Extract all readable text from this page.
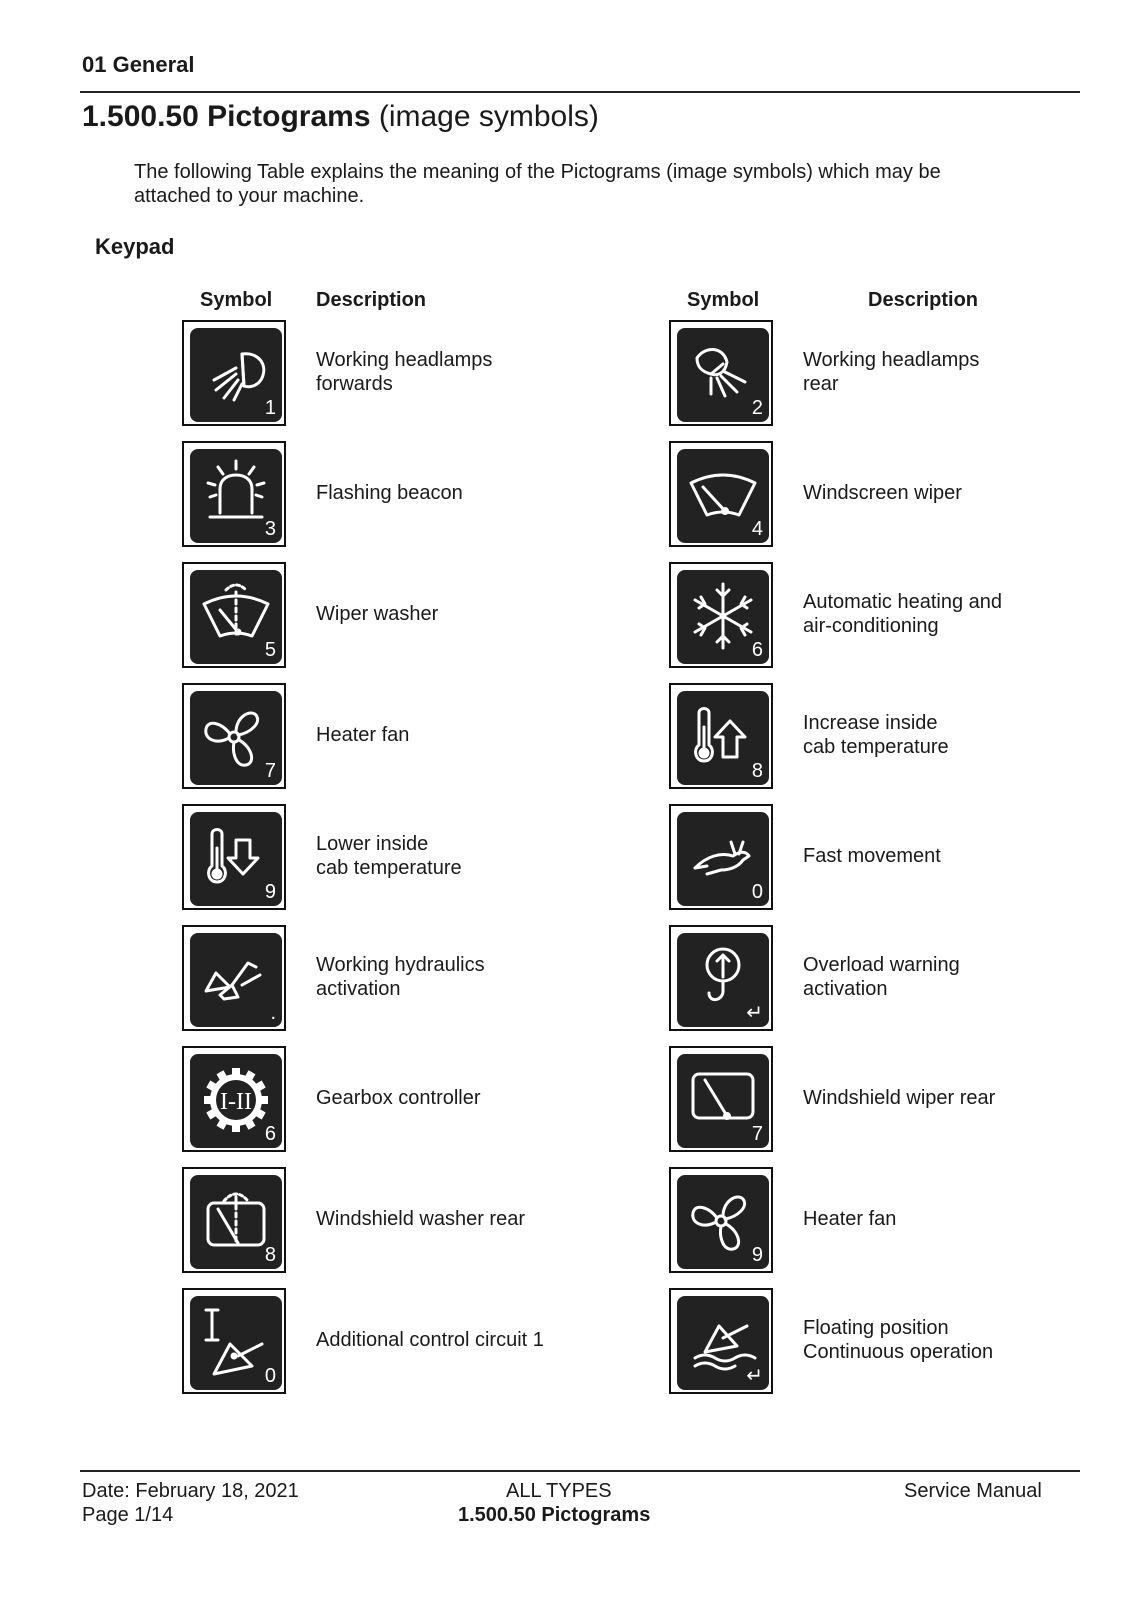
01 General
1.500.50 Pictograms (image symbols)
The following Table explains the meaning of the Pictograms (image symbols) which may be attached to your machine.
Keypad
Symbol Description	Symbol	Description
1
Working headlamps
forwards
3
Flashing beacon
5
Wiper washer
7
Heater fan
9
Lower inside
cab temperature
.
Working hydraulics
activation
I-II
6
Gearbox controller
8
Windshield washer rear
0
Additional control circuit 1
2
Working headlamps
rear
4
Windscreen wiper
6
Automatic heating and
air-conditioning
8
Increase inside
cab temperature
0
Fast movement
↵
Overload warning
activation
7
Windshield wiper rear
9
Heater fan
↵
Floating position
Continuous operation
Date: February 18, 2021
Page 1/14
ALL TYPES
1.500.50 Pictograms
Service Manual
